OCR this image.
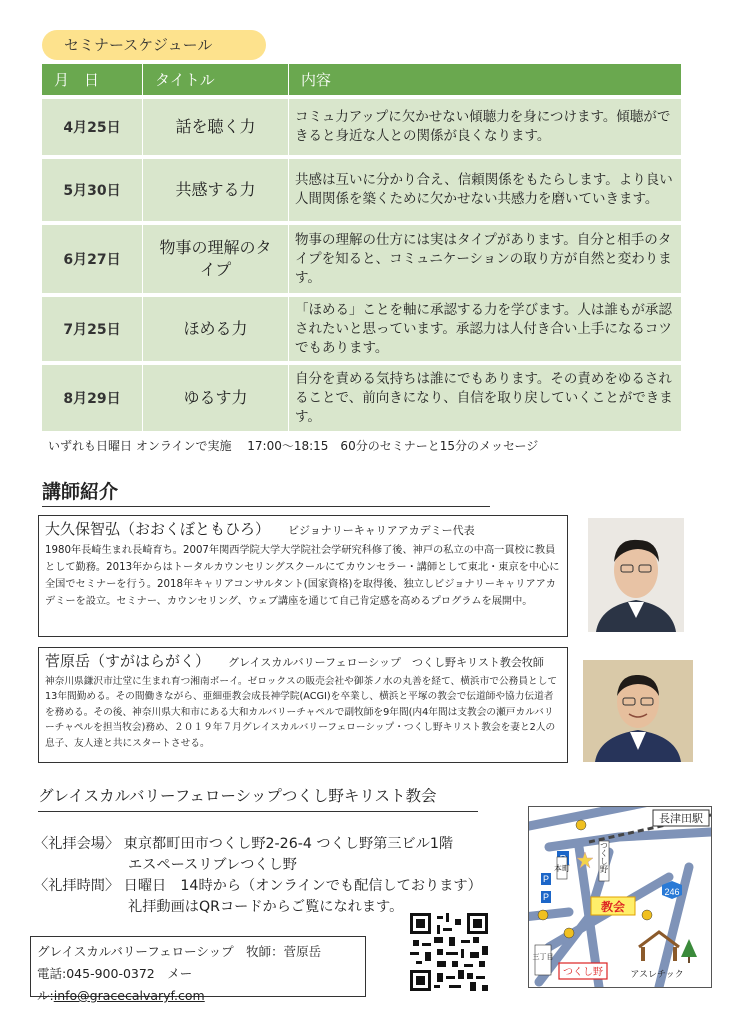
セミナースケジュール
月　日	タイトル	内容
4月25日	話を聴く力	コミュ力アップに欠かせない傾聴力を身につけます。傾聴ができると身近な人との関係が良くなります。
5月30日	共感する力	共感は互いに分かり合え、信頼関係をもたらします。より良い人間関係を築くために欠かせない共感力を磨いていきます。
6月27日	物事の理解のタイプ	物事の理解の仕方には実はタイプがあります。自分と相手のタイプを知ると、コミュニケーションの取り方が自然と変わります。
7月25日	ほめる力	「ほめる」ことを軸に承認する力を学びます。人は誰もが承認されたいと思っています。承認力は人付き合い上手になるコツでもあります。
8月29日	ゆるす力	自分を責める気持ちは誰にでもあります。その責めをゆるされることで、前向きになり、自信を取り戻していくことができます。
いずれも日曜日 オンラインで実施　 17:00～18:15　60分のセミナーと15分のメッセージ
講師紹介
大久保智弘（おおくぼともひろ） ビジョナリーキャリアアカデミー代表
1980年長崎生まれ長崎育ち。2007年関西学院大学大学院社会学研究科修了後、神戸の私立の中高一貫校に教員として勤務。2013年からはトータルカウンセリングスクールにてカウンセラー・講師として東北・東京を中心に全国でセミナーを行う。2018年キャリアコンサルタント(国家資格)を取得後、独立しビジョナリーキャリアアカデミーを設立。セミナー、カウンセリング、ウェブ講座を通じて自己肯定感を高めるプログラムを展開中。
菅原岳（すがはらがく） グレイスカルバリーフェローシップ　つくし野キリスト教会牧師
神奈川県鎌沢市辻堂に生まれ育つ湘南ボーイ。ゼロックスの販売会社や御茶ノ水の丸善を経て、横浜市で公務員として13年間勤める。その間働きながら、亜細亜教会成長神学院(ACGI)を卒業し、横浜と平塚の教会で伝道師や協力伝道者を務める。その後、神奈川県大和市にある大和カルバリーチャペルで副牧師を9年間(内4年間は支教会の瀬戸カルバリーチャペルを担当牧会)務め、２０１９年７月グレイスカルバリーフェローシップ・つくし野キリスト教会を妻と2人の息子、友人達と共にスタートさせる。
グレイスカルバリーフェローシップつくし野キリスト教会
〈礼拝会場〉 東京都町田市つくし野2-26-4 つくし野第三ビル1階
エスペースリブレつくし野
〈礼拝時間〉 日曜日　14時から（オンラインでも配信しております）
礼拝動画はQRコードからご覧になれます。
グレイスカルバリーフェローシップ　牧師：菅原岳
電話:045-900-0372　メール:info@gracecalvaryf.com
長津田駅
P
P
本町	つくし野
教会
246
アスレチック
三丁目
つくし野
